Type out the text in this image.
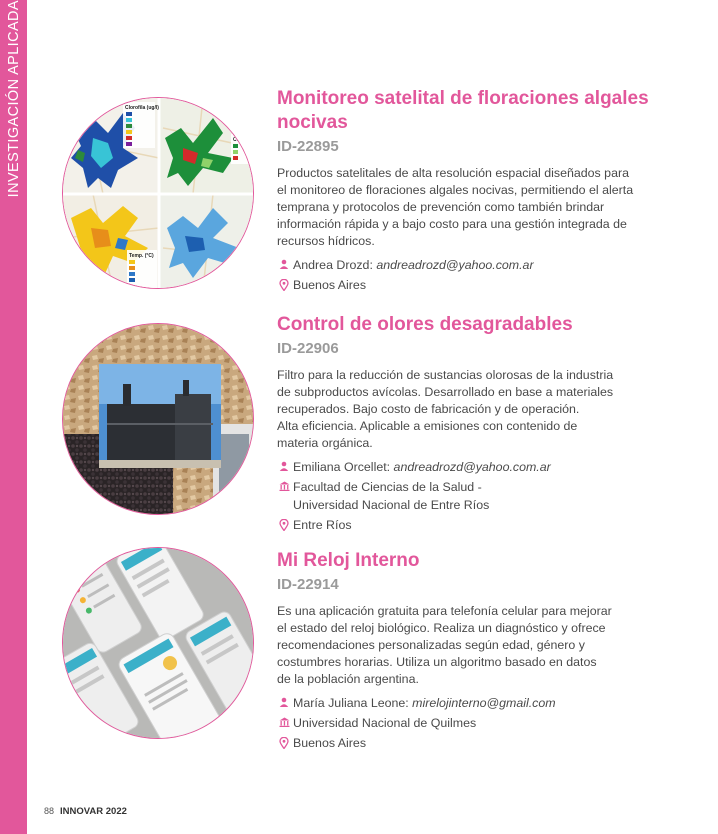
INVESTIGACIÓN APLICADA	Clorofila (ug/l)
Ciano
Temp. (°C)
Monitoreo satelital de floraciones algales nocivas
ID-22895
Productos satelitales de alta resolución espacial diseñados para
el monitoreo de floraciones algales nocivas, permitiendo el alerta
temprana y protocolos de prevención como también brindar
información rápida y a bajo costo para una gestión integrada de
recursos hídricos.
Andrea Drozd: andreadrozd@yahoo.com.ar
Buenos Aires
Control de olores desagradables
ID-22906
Filtro para la reducción de sustancias olorosas de la industria
de subproductos avícolas. Desarrollado en base a materiales
recuperados. Bajo costo de fabricación y de operación.
Alta eficiencia. Aplicable a emisiones con contenido de
materia orgánica.
Emiliana Orcellet: andreadrozd@yahoo.com.ar
Facultad de Ciencias de la Salud -
Universidad Nacional de Entre Ríos
Entre Ríos
Mi Reloj Interno
ID-22914
Es una aplicación gratuita para telefonía celular para mejorar
el estado del reloj biológico. Realiza un diagnóstico y ofrece
recomendaciones personalizadas según edad, género y
costumbres horarias. Utiliza un algoritmo basado en datos
de la población argentina.
María Juliana Leone: mirelojinterno@gmail.com
Universidad Nacional de Quilmes
Buenos Aires
88 INNOVAR 2022
